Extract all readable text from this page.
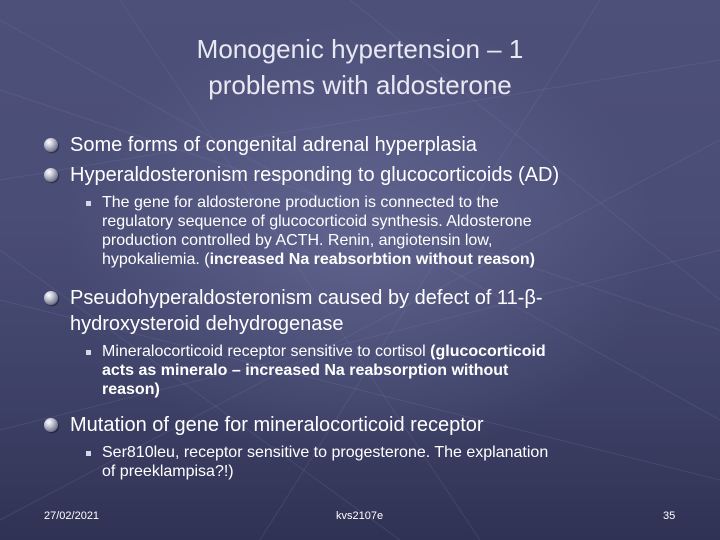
Monogenic hypertension – 1
problems with aldosterone
Some forms of congenital adrenal hyperplasia
Hyperaldosteronism responding to glucocorticoids (AD)
The gene for aldosterone production is connected to the
regulatory sequence of glucocorticoid synthesis. Aldosterone
production controlled by ACTH. Renin, angiotensin low,
hypokaliemia. (increased Na reabsorbtion without reason)
Pseudohyperaldosteronism caused by defect of 11-β-
hydroxysteroid dehydrogenase
Mineralocorticoid receptor sensitive to cortisol (glucocorticoid
acts as mineralo – increased Na reabsorption without
reason)
Mutation of gene for mineralocorticoid receptor
Ser810leu, receptor sensitive to progesterone. The explanation
of preeklampisa?!)
27/02/2021	kvs2107e	35
